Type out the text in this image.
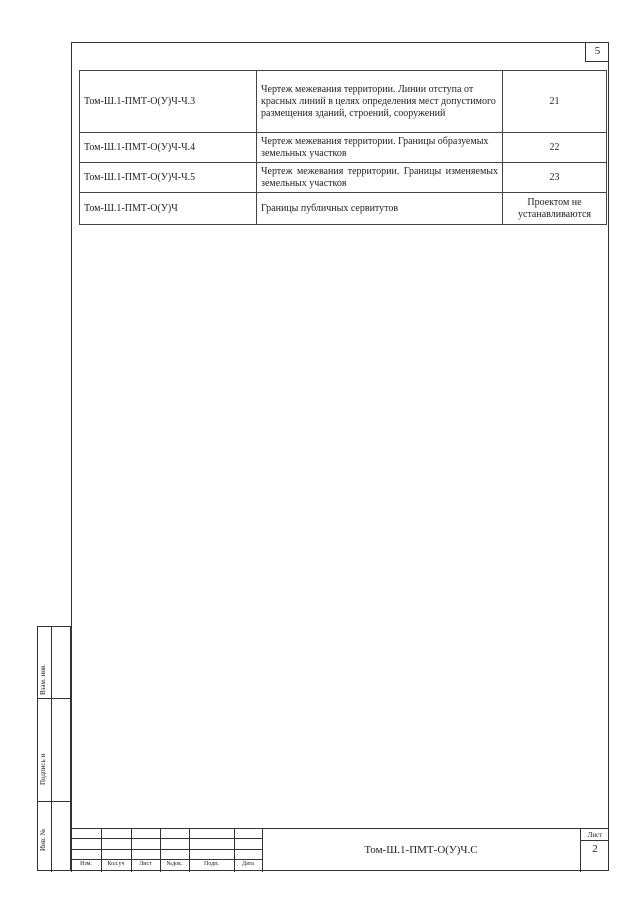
5
Том-Ш.1-ПМТ-О(У)Ч-Ч.3	Чертеж межевания территории. Линии отступа от красных линий в целях определения мест допустимого размещения зданий, строений, сооружений	21
Том-Ш.1-ПМТ-О(У)Ч-Ч.4	Чертеж межевания территории. Границы образуемых земельных участков	22
Том-Ш.1-ПМТ-О(У)Ч-Ч.5	Чертеж межевания территории. Границы изменяемых земельных участков	23
Том-Ш.1-ПМТ-О(У)Ч	Границы публичных сервитутов	Проектом не устанавливаются
Взам. инв.
Подпись и
Инв. №
Изм.	Кол.уч	Лист	№док.	Подп.	Дата
Том-Ш.1-ПМТ-О(У)Ч.С
Лист
2
